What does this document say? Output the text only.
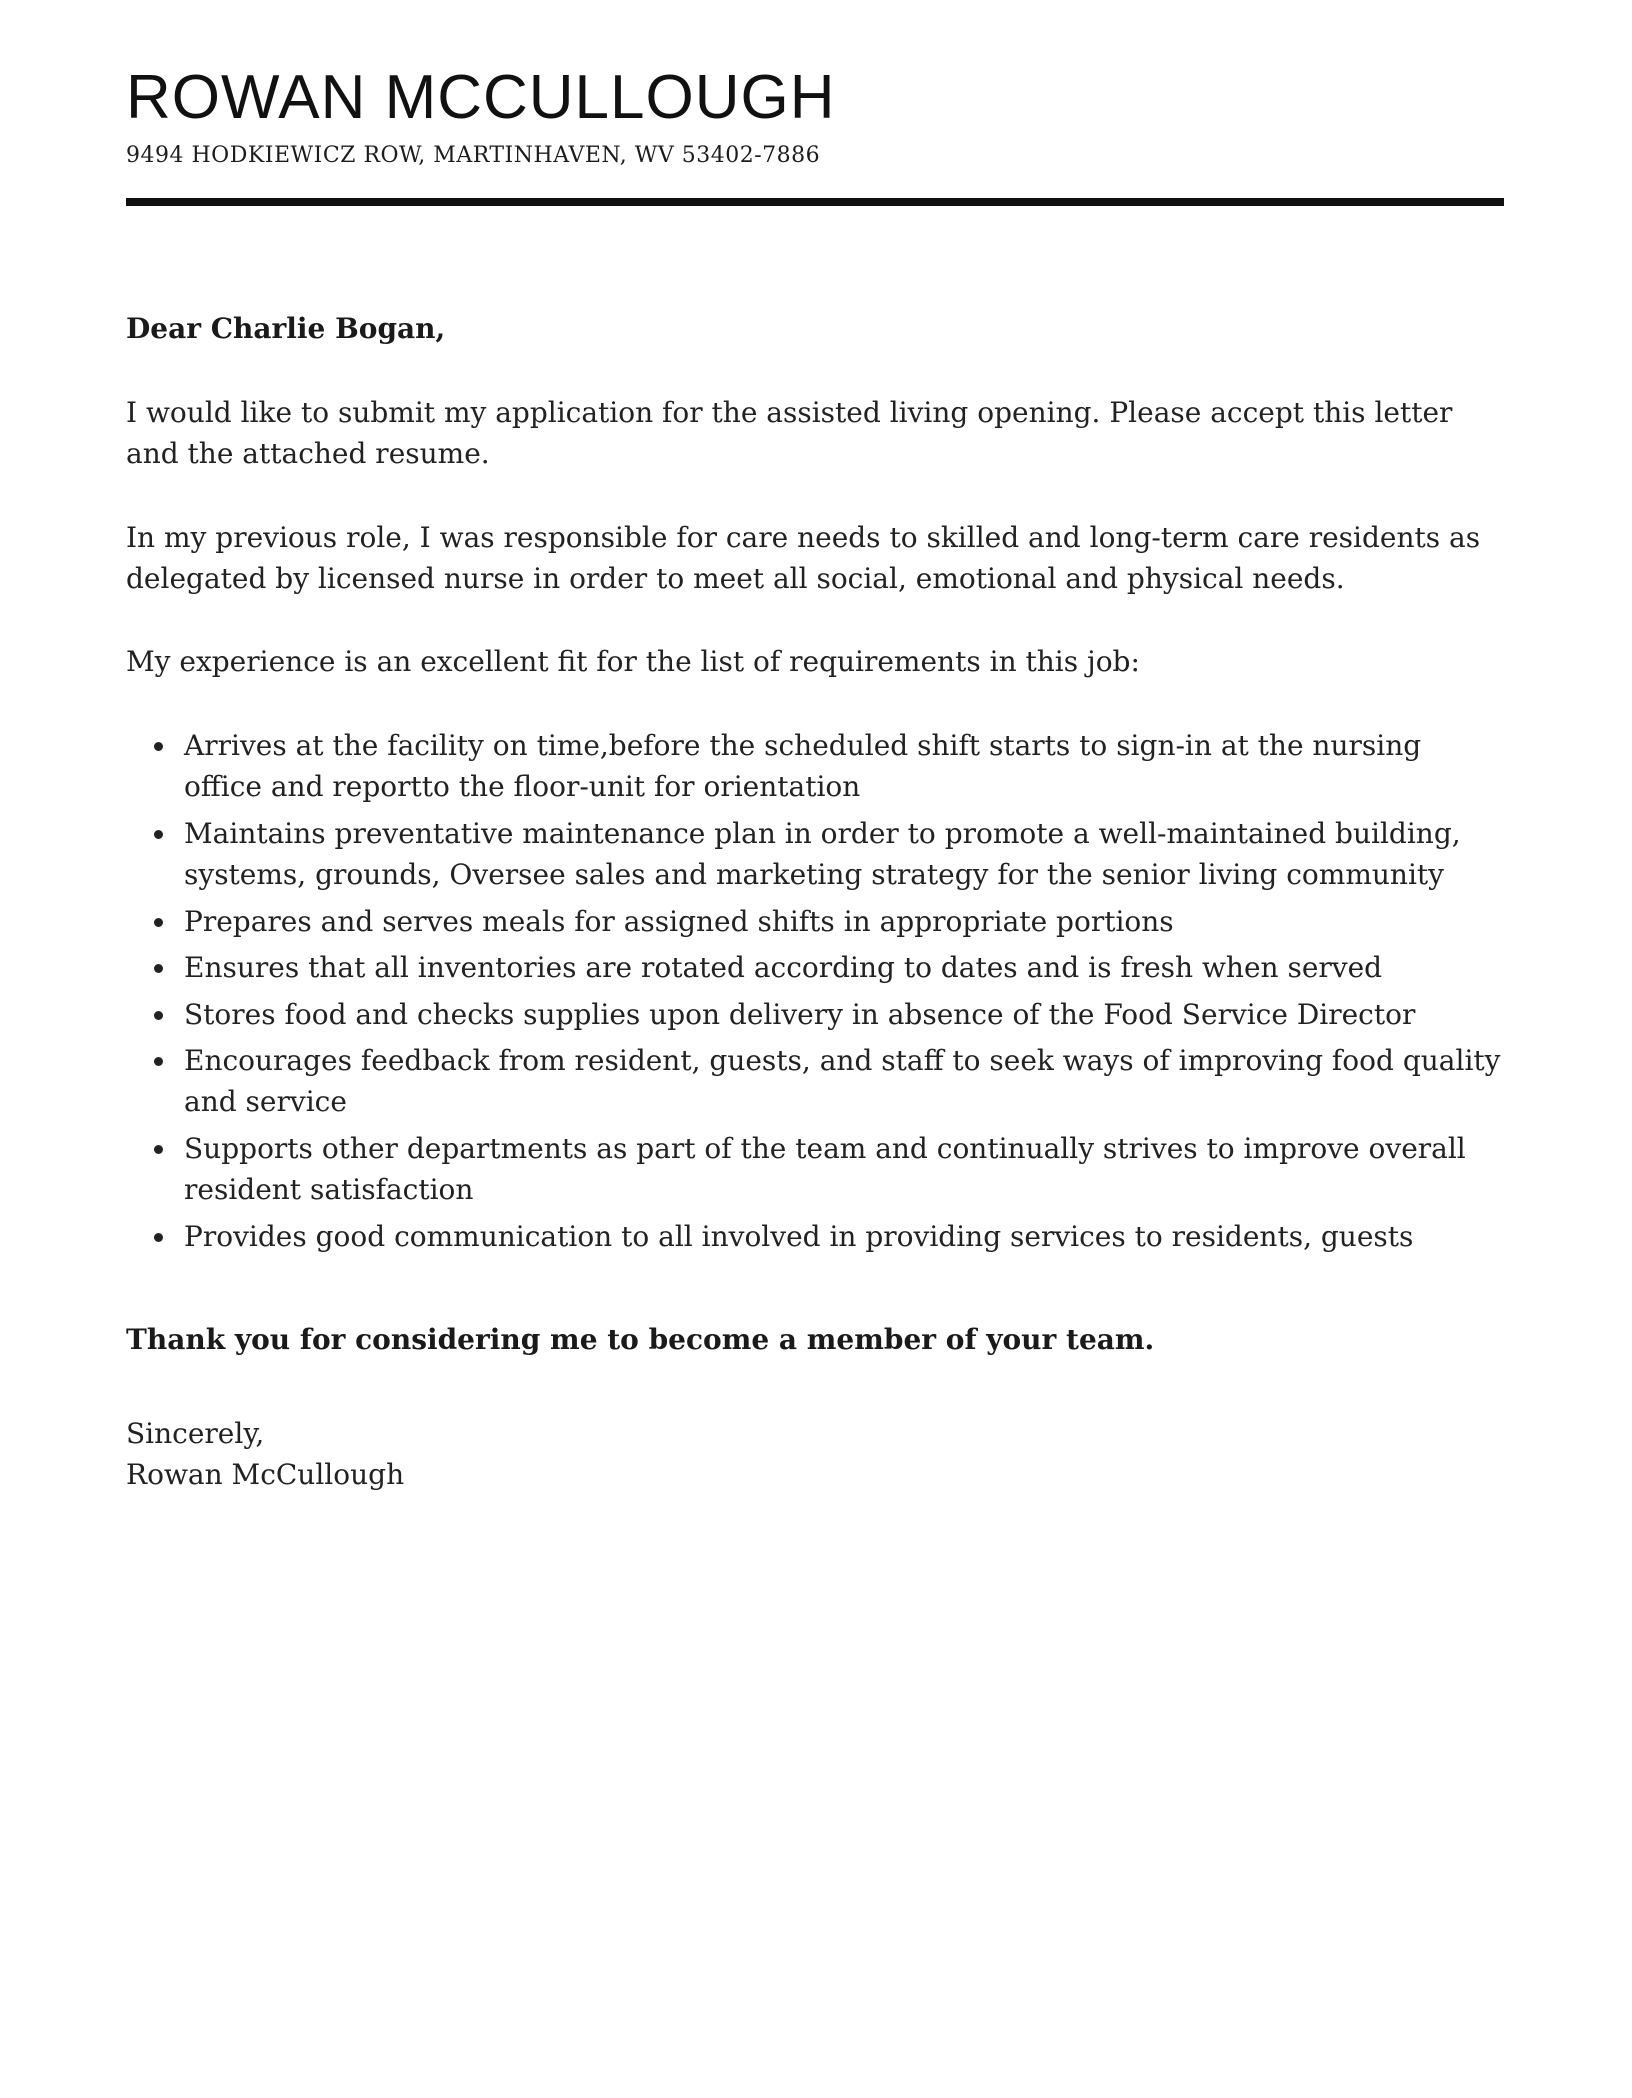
ROWAN MCCULLOUGH
9494 HODKIEWICZ ROW, MARTINHAVEN, WV 53402-7886

Dear Charlie Bogan,

I would like to submit my application for the assisted living opening. Please accept this letter and the attached resume.

In my previous role, I was responsible for care needs to skilled and long-term care residents as delegated by licensed nurse in order to meet all social, emotional and physical needs.

My experience is an excellent fit for the list of requirements in this job:

• Arrives at the facility on time,before the scheduled shift starts to sign-in at the nursing office and reportto the floor-unit for orientation
• Maintains preventative maintenance plan in order to promote a well-maintained building, systems, grounds, Oversee sales and marketing strategy for the senior living community
• Prepares and serves meals for assigned shifts in appropriate portions
• Ensures that all inventories are rotated according to dates and is fresh when served
• Stores food and checks supplies upon delivery in absence of the Food Service Director
• Encourages feedback from resident, guests, and staff to seek ways of improving food quality and service
• Supports other departments as part of the team and continually strives to improve overall resident satisfaction
• Provides good communication to all involved in providing services to residents, guests

Thank you for considering me to become a member of your team.

Sincerely,
Rowan McCullough
